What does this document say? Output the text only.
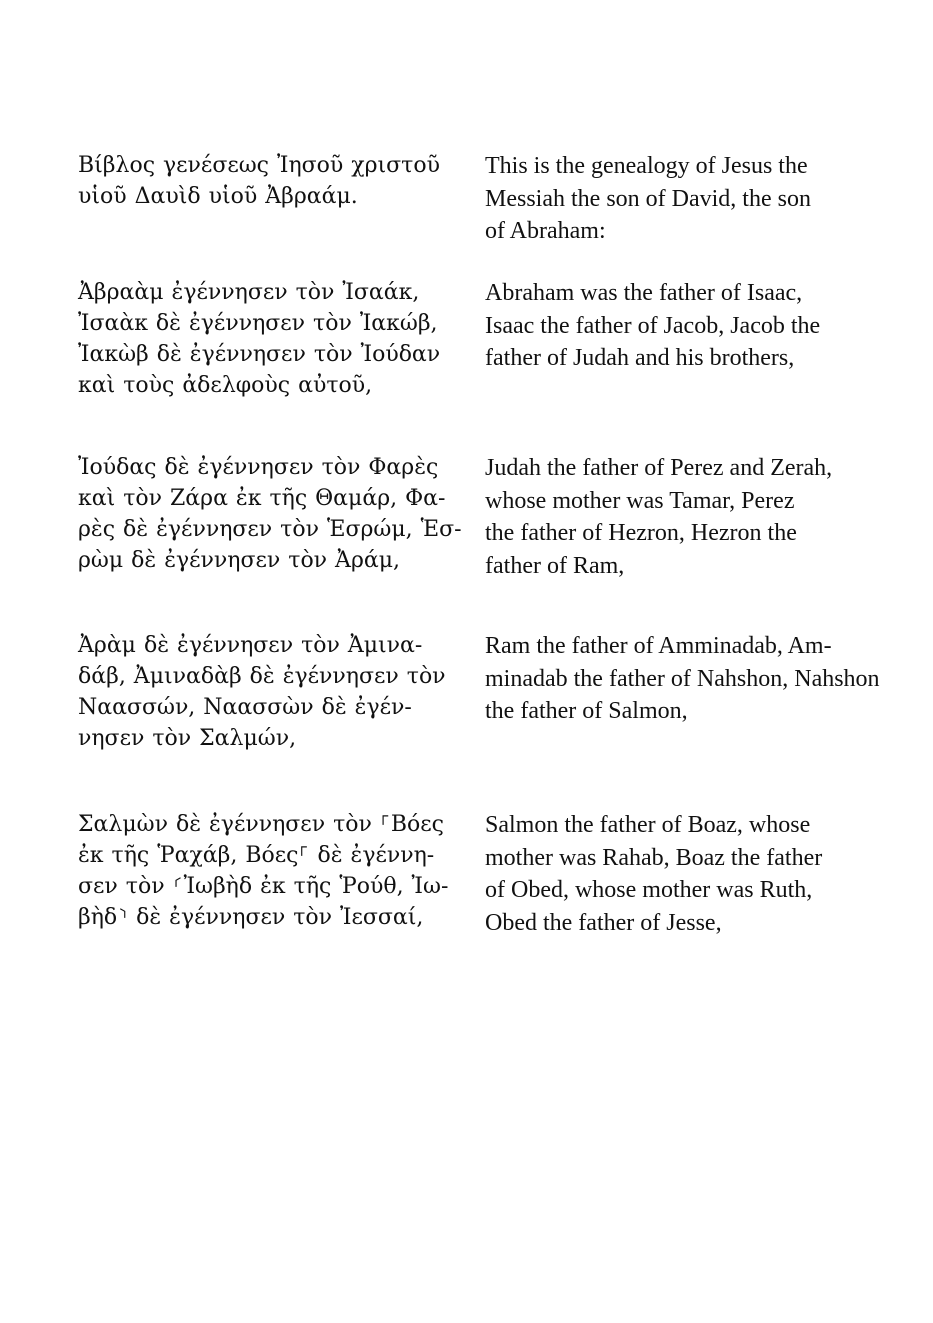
Βίβλος γενέσεως Ἰησοῦ χριστοῦ
υἱοῦ Δαυὶδ υἱοῦ Ἀβραάμ.
This is the genealogy of Jesus the
Messiah the son of David, the son
of Abraham:
Ἀβραὰμ ἐγέννησεν τὸν Ἰσαάκ,
Ἰσαὰκ δὲ ἐγέννησεν τὸν Ἰακώβ,
Ἰακὼβ δὲ ἐγέννησεν τὸν Ἰούδαν
καὶ τοὺς ἀδελφοὺς αὐτοῦ,
Abraham was the father of Isaac,
Isaac the father of Jacob, Jacob the
father of Judah and his brothers,
Ἰούδας δὲ ἐγέννησεν τὸν Φαρὲς
καὶ τὸν Ζάρα ἐκ τῆς Θαμάρ, Φα-
ρὲς δὲ ἐγέννησεν τὸν Ἑσρώμ, Ἑσ-
ρὼμ δὲ ἐγέννησεν τὸν Ἀράμ,
Judah the father of Perez and Zerah,
whose mother was Tamar, Perez
the father of Hezron, Hezron the
father of Ram,
Ἀρὰμ δὲ ἐγέννησεν τὸν Ἀμινα-
δάβ, Ἀμιναδὰβ δὲ ἐγέννησεν τὸν
Ναασσών, Ναασσὼν δὲ ἐγέν-
νησεν τὸν Σαλμών,
Ram the father of Amminadab, Am-
minadab the father of Nahshon, Nahshon
the father of Salmon,
Σαλμὼν δὲ ἐγέννησεν τὸν ⸀Βόες
ἐκ τῆς Ῥαχάβ, Βόες⸀ δὲ ἐγέννη-
σεν τὸν ⸂Ἰωβὴδ ἐκ τῆς Ῥούθ, Ἰω-
βὴδ⸃ δὲ ἐγέννησεν τὸν Ἰεσσαί,
Salmon the father of Boaz, whose
mother was Rahab, Boaz the father
of Obed, whose mother was Ruth,
Obed the father of Jesse,
